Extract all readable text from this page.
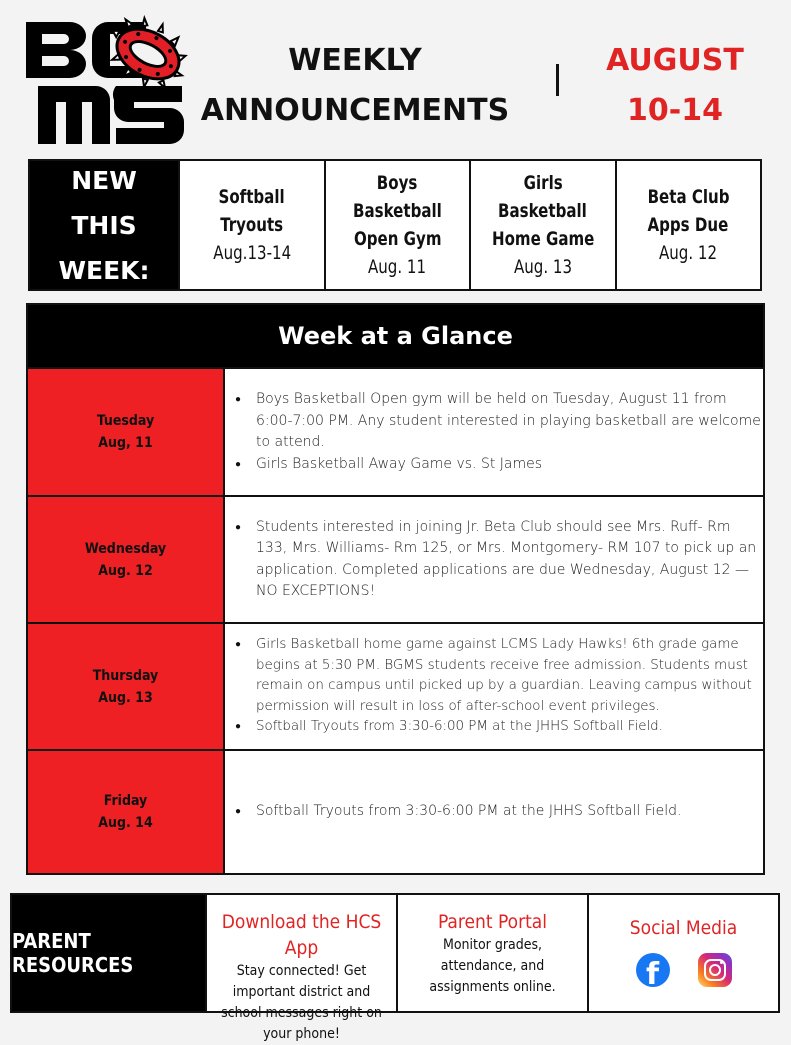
WEEKLY
ANNOUNCEMENTS
AUGUST
10-14
NEW
THIS
WEEK:
Softball
Tryouts
Aug.13-14
Boys
Basketball
Open Gym
Aug. 11
Girls
Basketball
Home Game
Aug. 13
Beta Club
Apps Due
Aug. 12
Week at a Glance
Tuesday
Aug, 11
● Boys Basketball Open gym will be held on Tuesday, August 11 from 6:00-7:00 PM. Any student interested in playing basketball are welcome to attend.
● Girls Basketball Away Game vs. St James
Wednesday
Aug. 12
● Students interested in joining Jr. Beta Club should see Mrs. Ruff- Rm 133, Mrs. Williams- Rm 125, or Mrs. Montgomery- RM 107 to pick up an application. Completed applications are due Wednesday, August 12 — NO EXCEPTIONS!
Thursday
Aug. 13
● Girls Basketball home game against LCMS Lady Hawks! 6th grade game begins at 5:30 PM. BGMS students receive free admission. Students must remain on campus until picked up by a guardian. Leaving campus without permission will result in loss of after-school event privileges.
● Softball Tryouts from 3:30-6:00 PM at the JHHS Softball Field.
Friday
Aug. 14
● Softball Tryouts from 3:30-6:00 PM at the JHHS Softball Field.
PARENT RESOURCES
Download the HCS App
Stay connected! Get important district and school messages right on your phone!
Parent Portal
Monitor grades, attendance, and assignments online.
Social Media
f
